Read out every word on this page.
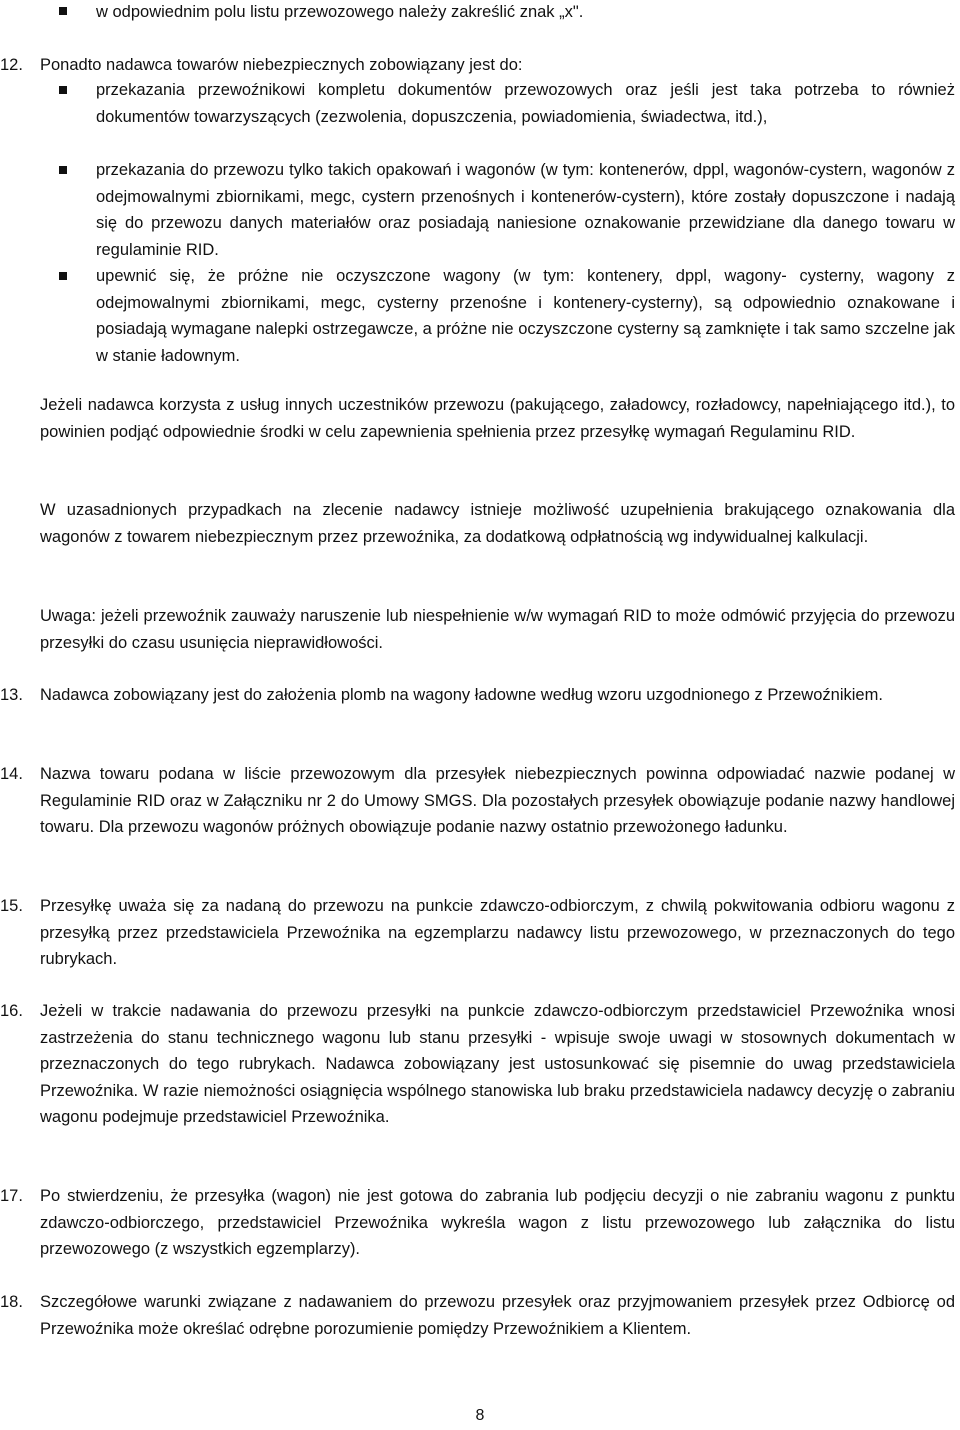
w odpowiednim polu listu przewozowego należy zakreślić znak „x".
12.	Ponadto nadawca towarów niebezpiecznych zobowiązany jest do:
przekazania przewoźnikowi kompletu dokumentów przewozowych oraz jeśli jest taka potrzeba to również dokumentów towarzyszących (zezwolenia, dopuszczenia, powiadomienia, świadectwa, itd.),
przekazania do przewozu tylko takich opakowań i wagonów (w tym: kontenerów, dppl, wagonów-cystern, wagonów z odejmowalnymi zbiornikami, megc, cystern przenośnych i kontenerów-cystern), które zostały dopuszczone i nadają się do przewozu danych materiałów oraz posiadają naniesione oznakowanie przewidziane dla danego towaru w regulaminie RID.
upewnić się, że próżne nie oczyszczone wagony (w tym: kontenery, dppl, wagony- cysterny, wagony z odejmowalnymi zbiornikami, megc, cysterny przenośne i kontenery-cysterny), są odpowiednio oznakowane i posiadają wymagane nalepki ostrzegawcze, a próżne nie oczyszczone cysterny są zamknięte i tak samo szczelne jak w stanie ładownym.
Jeżeli nadawca korzysta z usług innych uczestników przewozu (pakującego, załadowcy, rozładowcy, napełniającego itd.), to powinien podjąć odpowiednie środki w celu zapewnienia spełnienia przez przesyłkę wymagań Regulaminu RID.
W uzasadnionych przypadkach na zlecenie nadawcy istnieje możliwość uzupełnienia brakującego oznakowania dla wagonów z towarem niebezpiecznym przez przewoźnika, za dodatkową odpłatnością wg indywidualnej kalkulacji.
Uwaga: jeżeli przewoźnik zauważy naruszenie lub niespełnienie w/w wymagań RID to może odmówić przyjęcia do przewozu przesyłki do czasu usunięcia nieprawidłowości.
13.	Nadawca zobowiązany jest do założenia plomb na wagony ładowne według wzoru uzgodnionego z Przewoźnikiem.
14.	Nazwa towaru podana w liście przewozowym dla przesyłek niebezpiecznych powinna odpowiadać nazwie podanej w Regulaminie RID oraz w Załączniku nr 2 do Umowy SMGS. Dla pozostałych przesyłek obowiązuje podanie nazwy handlowej towaru. Dla przewozu wagonów próżnych obowiązuje podanie nazwy ostatnio przewożonego ładunku.
15.	Przesyłkę uważa się za nadaną do przewozu na punkcie zdawczo-odbiorczym, z chwilą pokwitowania odbioru wagonu z przesyłką przez przedstawiciela Przewoźnika na egzemplarzu nadawcy listu przewozowego, w przeznaczonych do tego rubrykach.
16.	Jeżeli w trakcie nadawania do przewozu przesyłki na punkcie zdawczo-odbiorczym przedstawiciel Przewoźnika wnosi zastrzeżenia do stanu technicznego wagonu lub stanu przesyłki - wpisuje swoje uwagi w stosownych dokumentach w przeznaczonych do tego rubrykach. Nadawca zobowiązany jest ustosunkować się pisemnie do uwag przedstawiciela Przewoźnika. W razie niemożności osiągnięcia wspólnego stanowiska lub braku przedstawiciela nadawcy decyzję o zabraniu wagonu podejmuje przedstawiciel Przewoźnika.
17.	Po stwierdzeniu, że przesyłka (wagon) nie jest gotowa do zabrania lub podjęciu decyzji o nie zabraniu wagonu z punktu zdawczo-odbiorczego, przedstawiciel Przewoźnika wykreśla wagon z listu przewozowego lub załącznika do listu przewozowego (z wszystkich egzemplarzy).
18.	Szczegółowe warunki związane z nadawaniem do przewozu przesyłek oraz przyjmowaniem przesyłek przez Odbiorcę od Przewoźnika może określać odrębne porozumienie pomiędzy Przewoźnikiem a Klientem.
8
